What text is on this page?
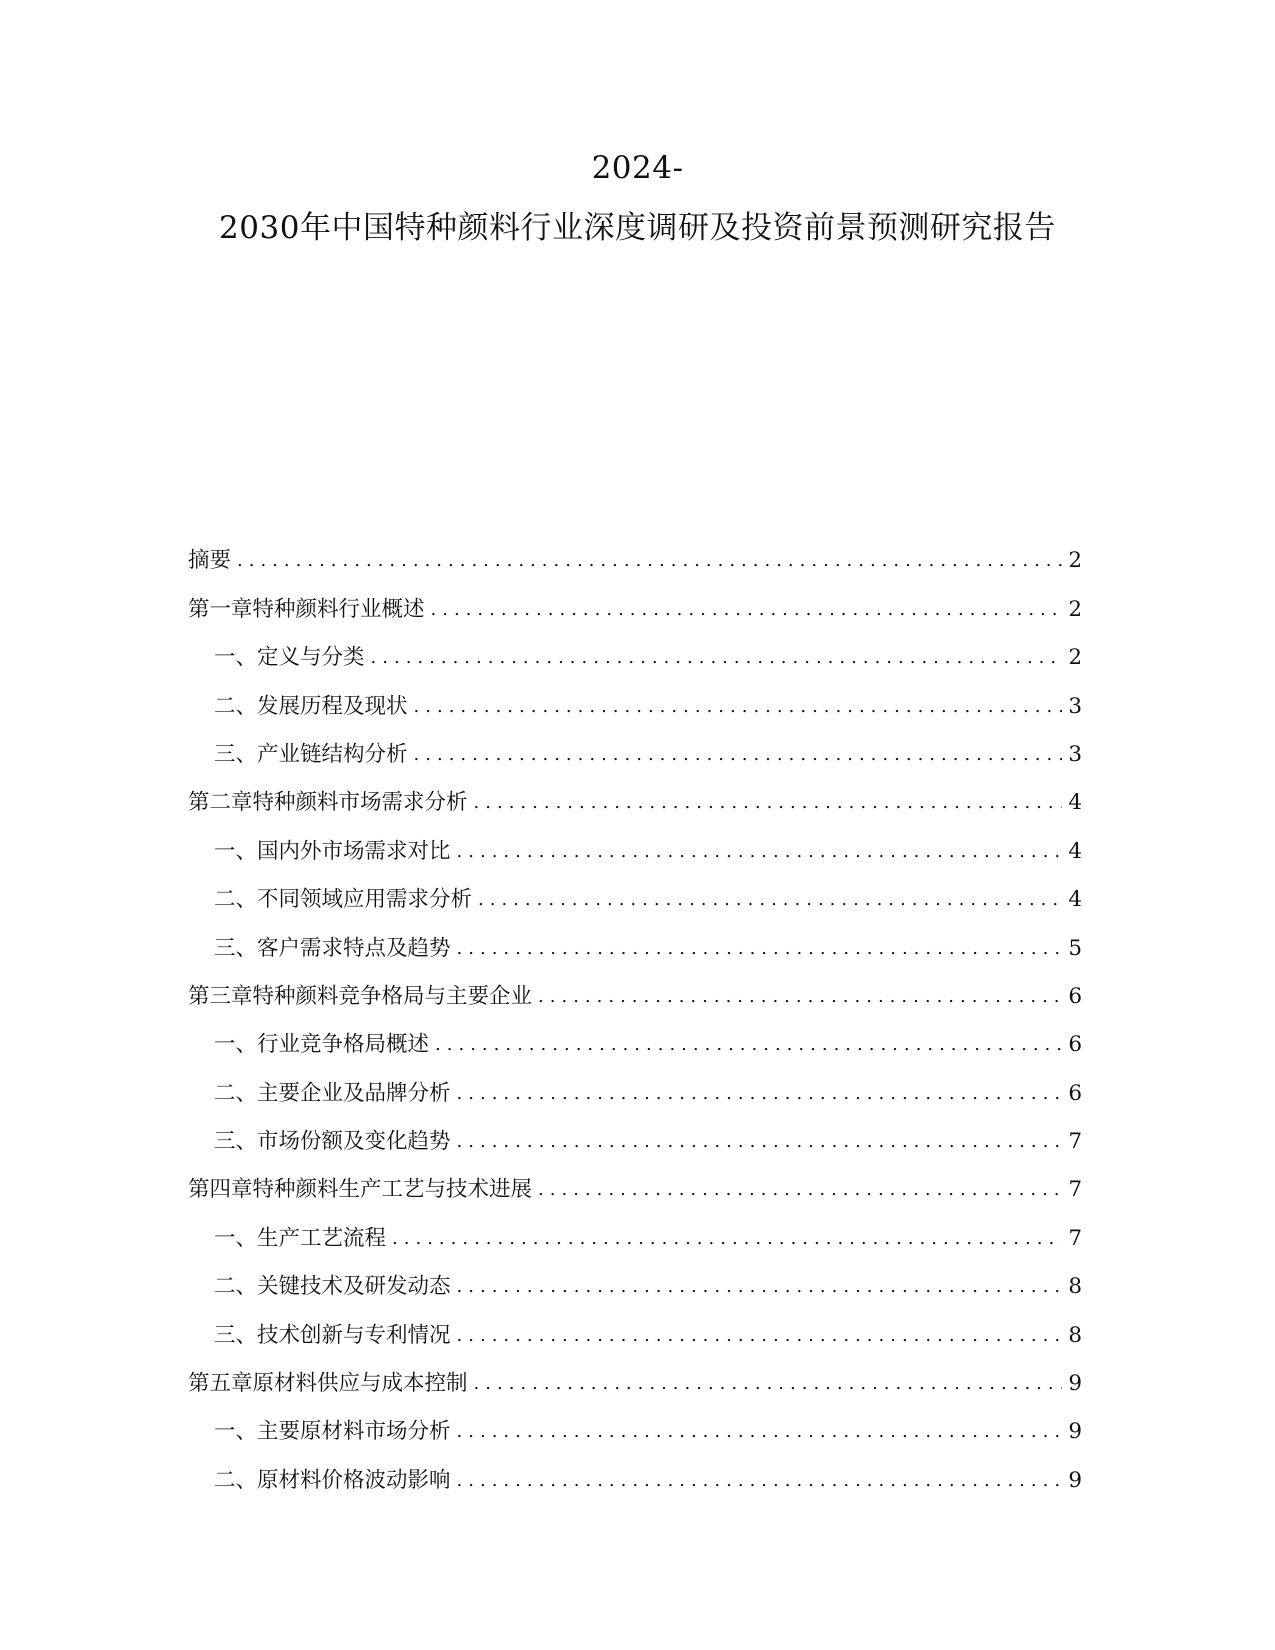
2024-
2030年中国特种颜料行业深度调研及投资前景预测研究报告
摘要 .....	2
第一章 特种颜料行业概述 .....	2
一、 定义与分类 .....	2
二、 发展历程及现状 .....	3
三、 产业链结构分析 .....	3
第二章 特种颜料市场需求分析 .....	4
一、 国内外市场需求对比 .....	4
二、 不同领域应用需求分析 .....	4
三、 客户需求特点及趋势 .....	5
第三章 特种颜料竞争格局与主要企业 .....	6
一、 行业竞争格局概述 .....	6
二、 主要企业及品牌分析 .....	6
三、 市场份额及变化趋势 .....	7
第四章 特种颜料生产工艺与技术进展 .....	7
一、 生产工艺流程 .....	7
二、 关键技术及研发动态 .....	8
三、 技术创新与专利情况 .....	8
第五章 原材料供应与成本控制 .....	9
一、 主要原材料市场分析 .....	9
二、 原材料价格波动影响 .....	9
